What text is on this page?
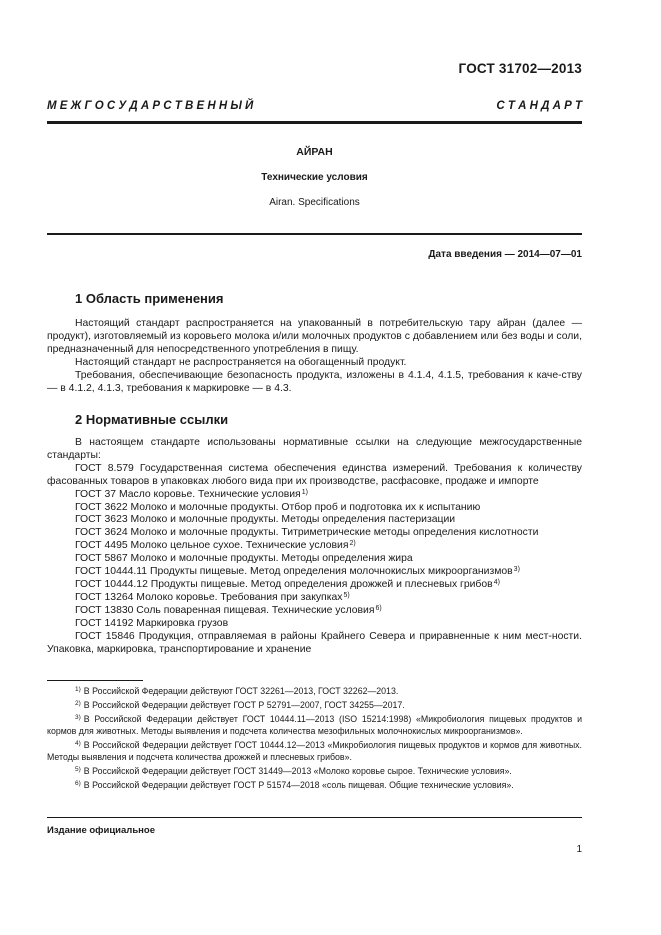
ГОСТ 31702—2013
М Е Ж Г О С У Д А Р С Т В Е Н Н Ы Й	С Т А Н Д А Р Т
АЙРАН
Технические условия
Airan. Specifications
Дата введения — 2014—07—01
1 Область применения

Настоящий стандарт распространяется на упакованный в потребительскую тару айран (далее — продукт), изготовляемый из коровьего молока и/или молочных продуктов с добавлением или без воды и соли, предназначенный для непосредственного употребления в пищу.

Настоящий стандарт не распространяется на обогащенный продукт.

Требования, обеспечивающие безопасность продукта, изложены в 4.1.4, 4.1.5, требования к каче-ству — в 4.1.2, 4.1.3, требования к маркировке — в 4.3.

2 Нормативные ссылки

В настоящем стандарте использованы нормативные ссылки на следующие межгосударственные стандарты:

ГОСТ 8.579 Государственная система обеспечения единства измерений. Требования к количеству фасованных товаров в упаковках любого вида при их производстве, расфасовке, продаже и импорте

ГОСТ 37 Масло коровье. Технические условия$^{1)}$

ГОСТ 3622 Молоко и молочные продукты. Отбор проб и подготовка их к испытанию

ГОСТ 3623 Молоко и молочные продукты. Методы определения пастеризации

ГОСТ 3624 Молоко и молочные продукты. Титриметрические методы определения кислотности

ГОСТ 4495 Молоко цельное сухое. Технические условия$^{2)}$

ГОСТ 5867 Молоко и молочные продукты. Методы определения жира

ГОСТ 10444.11 Продукты пищевые. Метод определения молочнокислых микроорганизмов$^{3)}$

ГОСТ 10444.12 Продукты пищевые. Метод определения дрожжей и плесневых грибов$^{4)}$

ГОСТ 13264 Молоко коровье. Требования при закупках$^{5)}$

ГОСТ 13830 Соль поваренная пищевая. Технические условия$^{6)}$

ГОСТ 14192 Маркировка грузов

ГОСТ 15846 Продукция, отправляемая в районы Крайнего Севера и приравненные к ним мест-ности. Упаковка, маркировка, транспортирование и хранение

$^{1)}$ В Российской Федерации действуют ГОСТ 32261—2013, ГОСТ 32262—2013.

$^{2)}$ В Российской Федерации действует ГОСТ Р 52791—2007, ГОСТ 34255—2017.

$^{3)}$ В Российской Федерации действует ГОСТ 10444.11—2013 (ISO 15214:1998) «Микробиология пищевых продуктов и кормов для животных. Методы выявления и подсчета количества мезофильных молочнокислых микроорганизмов».

$^{4)}$ В Российской Федерации действует ГОСТ 10444.12—2013 «Микробиология пищевых продуктов и кормов для животных. Методы выявления и подсчета количества дрожжей и плесневых грибов».

$^{5)}$ В Российской Федерации действует ГОСТ 31449—2013 «Молоко коровье сырое. Технические условия».

$^{6)}$ В Российской Федерации действует ГОСТ Р 51574—2018 «соль пищевая. Общие технические условия».

Издание официальное
1
